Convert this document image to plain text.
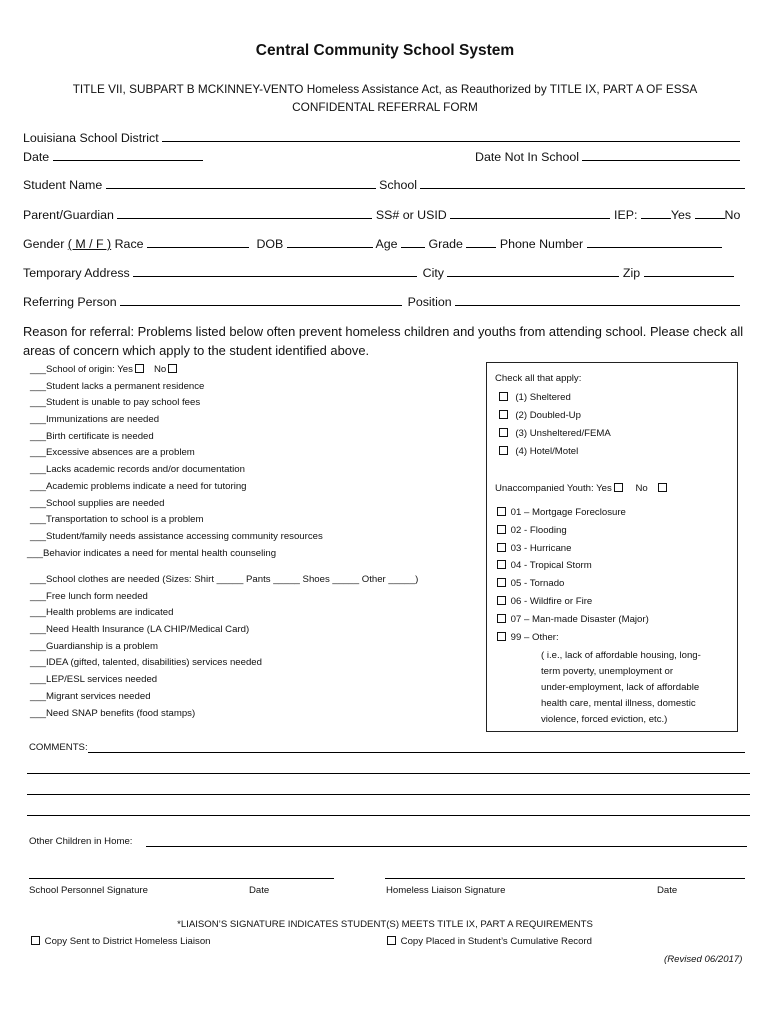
Central Community School System
TITLE VII, SUBPART B MCKINNEY-VENTO Homeless Assistance Act, as Reauthorized by TITLE IX, PART A OF ESSA
CONFIDENTAL REFERRAL FORM
Louisiana School District
Date	Date Not In School
Student Name	School
Parent/Guardian	SS# or USID	IEP:	Yes	No
Gender ( M / F ) Race	DOB	Age Grade	Phone Number
Temporary Address	City	Zip
Referring Person	Position
Reason for referral: Problems listed below often prevent homeless children and youths from attending school. Please check all
areas of concern which apply to the student identified above.
___School of origin: Yes No
___Student lacks a permanent residence
___Student is unable to pay school fees
___Immunizations are needed
___Birth certificate is needed
___Excessive absences are a problem
___Lacks academic records and/or documentation
___Academic problems indicate a need for tutoring
___School supplies are needed
___Transportation to school is a problem
___Student/family needs assistance accessing community resources
___Behavior indicates a need for mental health counseling
___School clothes are needed (Sizes: Shirt _____ Pants _____ Shoes _____ Other _____)
___Free lunch form needed
___Health problems are indicated
___Need Health Insurance (LA CHIP/Medical Card)
___Guardianship is a problem
___IDEA (gifted, talented, disabilities) services needed
___LEP/ESL services needed
___Migrant services needed
___Need SNAP benefits (food stamps)
Check all that apply:
(1) Sheltered
(2) Doubled-Up
(3) Unsheltered/FEMA
(4) Hotel/Motel
Unaccompanied Youth: Yes No
01 – Mortgage Foreclosure
02 - Flooding
03 - Hurricane
04 - Tropical Storm
05 - Tornado
06 - Wildfire or Fire
07 – Man-made Disaster (Major)
99 – Other:
( i.e., lack of affordable housing, long-
term poverty, unemployment or
under-employment, lack of affordable
health care, mental illness, domestic
violence, forced eviction, etc.)
COMMENTS:
Other Children in Home:
School Personnel Signature	Date	Homeless Liaison Signature	Date
*LIAISON’S SIGNATURE INDICATES STUDENT(S) MEETS TITLE IX, PART A REQUIREMENTS
Copy Sent to District Homeless Liaison	Copy Placed in Student’s Cumulative Record
(Revised 06/2017)
